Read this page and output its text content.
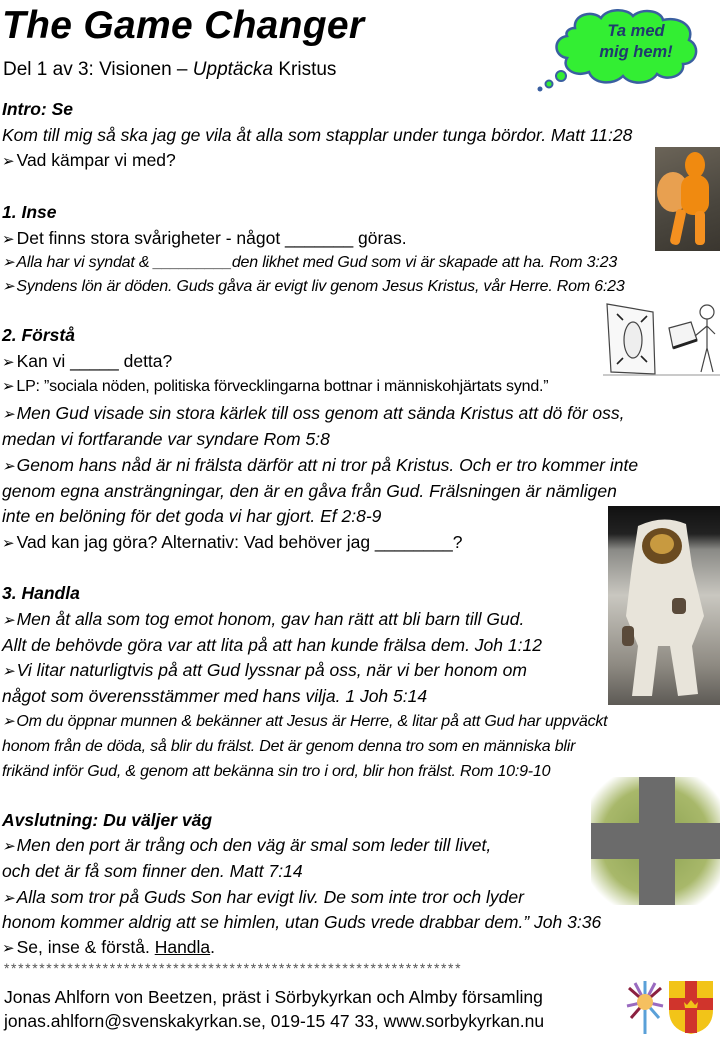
The Game Changer
Del 1 av 3: Visionen – Upptäcka Kristus
Ta med
mig hem!
Intro: Se
Kom till mig så ska jag ge vila åt alla som stapplar under tunga bördor. Matt 11:28
➢ Vad kämpar vi med?
1. Inse
➢ Det finns stora svårigheter - något _______ göras.
➢ Alla har vi syndat & _________den likhet med Gud som vi är skapade att ha. Rom 3:23
➢ Syndens lön är döden. Guds gåva är evigt liv genom Jesus Kristus, vår Herre. Rom 6:23
2. Förstå
➢ Kan vi _____ detta?
➢ LP: ”sociala nöden, politiska förvecklingarna bottnar i människohjärtats synd.”
➢ Men Gud visade sin stora kärlek till oss genom att sända Kristus att dö för oss,
medan vi fortfarande var syndare Rom 5:8
➢ Genom hans nåd är ni frälsta därför att ni tror på Kristus. Och er tro kommer inte
genom egna ansträngningar, den är en gåva från Gud. Frälsningen är nämligen
inte en belöning för det goda vi har gjort. Ef 2:8-9
➢ Vad kan jag göra? Alternativ: Vad behöver jag ________?
3. Handla
➢ Men åt alla som tog emot honom, gav han rätt att bli barn till Gud.
Allt de behövde göra var att lita på att han kunde frälsa dem. Joh 1:12
➢ Vi litar naturligtvis på att Gud lyssnar på oss, när vi ber honom om
något som överensstämmer med hans vilja. 1 Joh 5:14
➢ Om du öppnar munnen & bekänner att Jesus är Herre, & litar på att Gud har uppväckt
honom från de döda, så blir du frälst. Det är genom denna tro som en människa blir
frikänd inför Gud, & genom att bekänna sin tro i ord, blir hon frälst. Rom 10:9-10
Avslutning: Du väljer väg
➢ Men den port är trång och den väg är smal som leder till livet,
och det är få som finner den. Matt 7:14
➢ Alla som tror på Guds Son har evigt liv. De som inte tror och lyder
honom kommer aldrig att se himlen, utan Guds vrede drabbar dem.” Joh 3:36
➢ Se, inse & förstå. Handla.
*****************************************************************
Jonas Ahlforn von Beetzen, präst i Sörbykyrkan och Almby församling
jonas.ahlforn@svenskakyrkan.se, 019-15 47 33, www.sorbykyrkan.nu
